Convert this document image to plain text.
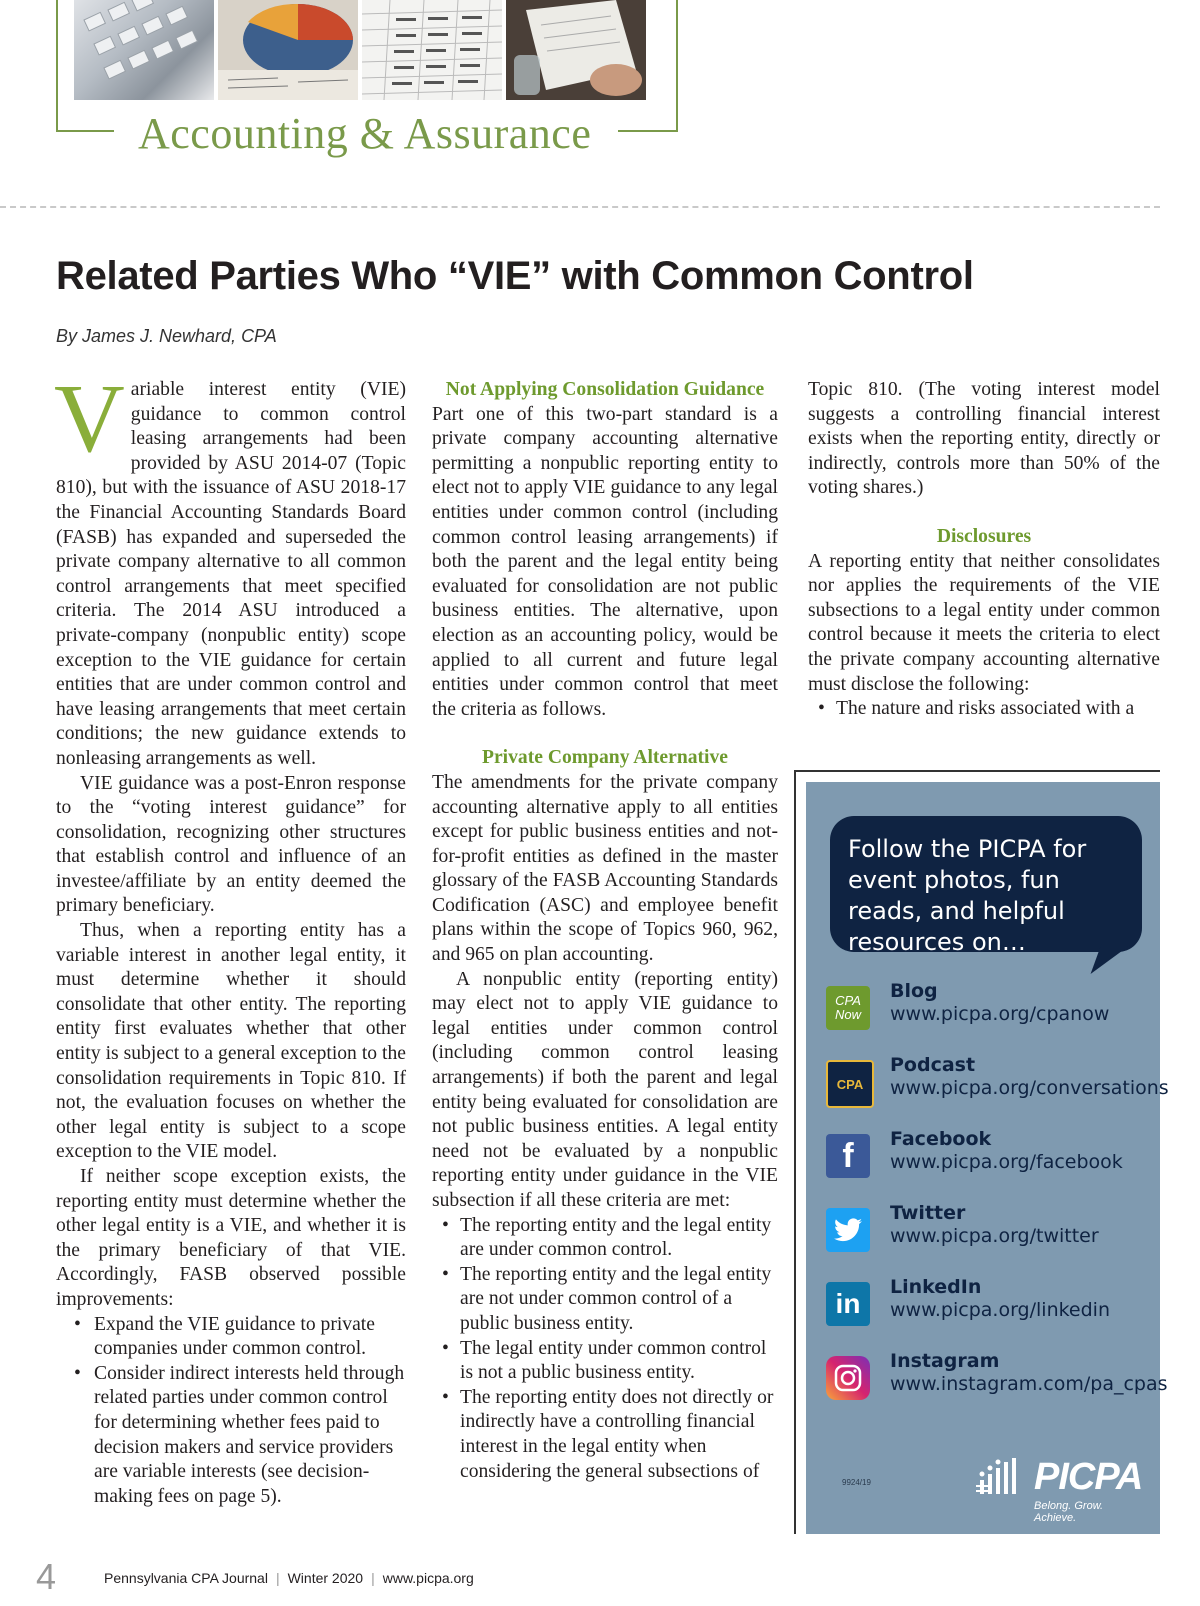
Accounting & Assurance
Related Parties Who “VIE” with Common Control
By James J. Newhard, CPA

Variable interest entity (VIE) guidance to common control leasing arrangements had been provided by ASU 2014-07 (Topic 810), but with the issuance of ASU 2018-17 the Financial Accounting Standards Board (FASB) has expanded and superseded the private company alternative to all common control arrangements that meet specified criteria. The 2014 ASU introduced a private-company (nonpublic entity) scope exception to the VIE guidance for certain entities that are under common control and have leasing arrangements that meet certain conditions; the new guidance extends to nonleasing arrangements as well.

VIE guidance was a post-Enron response to the “voting interest guidance” for consolidation, recognizing other structures that establish control and influence of an investee/affiliate by an entity deemed the primary beneficiary.

Thus, when a reporting entity has a variable interest in another legal entity, it must determine whether it should consolidate that other entity. The reporting entity first evaluates whether that other entity is subject to a general exception to the consolidation requirements in Topic 810. If not, the evaluation focuses on whether the other legal entity is subject to a scope exception to the VIE model.

If neither scope exception exists, the reporting entity must determine whether the other legal entity is a VIE, and whether it is the primary beneficiary of that VIE. Accordingly, FASB observed possible improvements:

• Expand the VIE guidance to private companies under common control.
• Consider indirect interests held through related parties under common control for determining whether fees paid to decision makers and service providers are variable interests (see decision-making fees on page 5).

Not Applying Consolidation Guidance

Part one of this two-part standard is a private company accounting alternative permitting a nonpublic reporting entity to elect not to apply VIE guidance to any legal entities under common control (including common control leasing arrangements) if both the parent and the legal entity being evaluated for consolidation are not public business entities. The alternative, upon election as an accounting policy, would be applied to all current and future legal entities under common control that meet the criteria as follows.

Private Company Alternative

The amendments for the private company accounting alternative apply to all entities except for public business entities and not-for-profit entities as defined in the master glossary of the FASB Accounting Standards Codification (ASC) and employee benefit plans within the scope of Topics 960, 962, and 965 on plan accounting.

A nonpublic entity (reporting entity) may elect not to apply VIE guidance to legal entities under common control (including common control leasing arrangements) if both the parent and legal entity being evaluated for consolidation are not public business entities. A legal entity need not be evaluated by a nonpublic reporting entity under guidance in the VIE subsection if all these criteria are met:

• The reporting entity and the legal entity are under common control.
• The reporting entity and the legal entity are not under common control of a public business entity.
• The legal entity under common control is not a public business entity.
• The reporting entity does not directly or indirectly have a controlling financial interest in the legal entity when considering the general subsections of

Topic 810. (The voting interest model suggests a controlling financial interest exists when the reporting entity, directly or indirectly, controls more than 50% of the voting shares.)

Disclosures

A reporting entity that neither consolidates nor applies the requirements of the VIE subsections to a legal entity under common control because it meets the criteria to elect the private company accounting alternative must disclose the following:

• The nature and risks associated with a
Follow the PICPA for event photos, fun reads, and helpful resources on…
CPA Now
Blog
www.picpa.org/cpanow
CPA
Podcast
www.picpa.org/conversations
f	Facebook
www.picpa.org/facebook
Twitter
www.picpa.org/twitter
in
LinkedIn
www.picpa.org/linkedin
Instagram
www.instagram.com/pa_cpas
9924/19	PICPA
Belong. Grow. Achieve.
4	Pennsylvania CPA Journal | Winter 2020 | www.picpa.org
